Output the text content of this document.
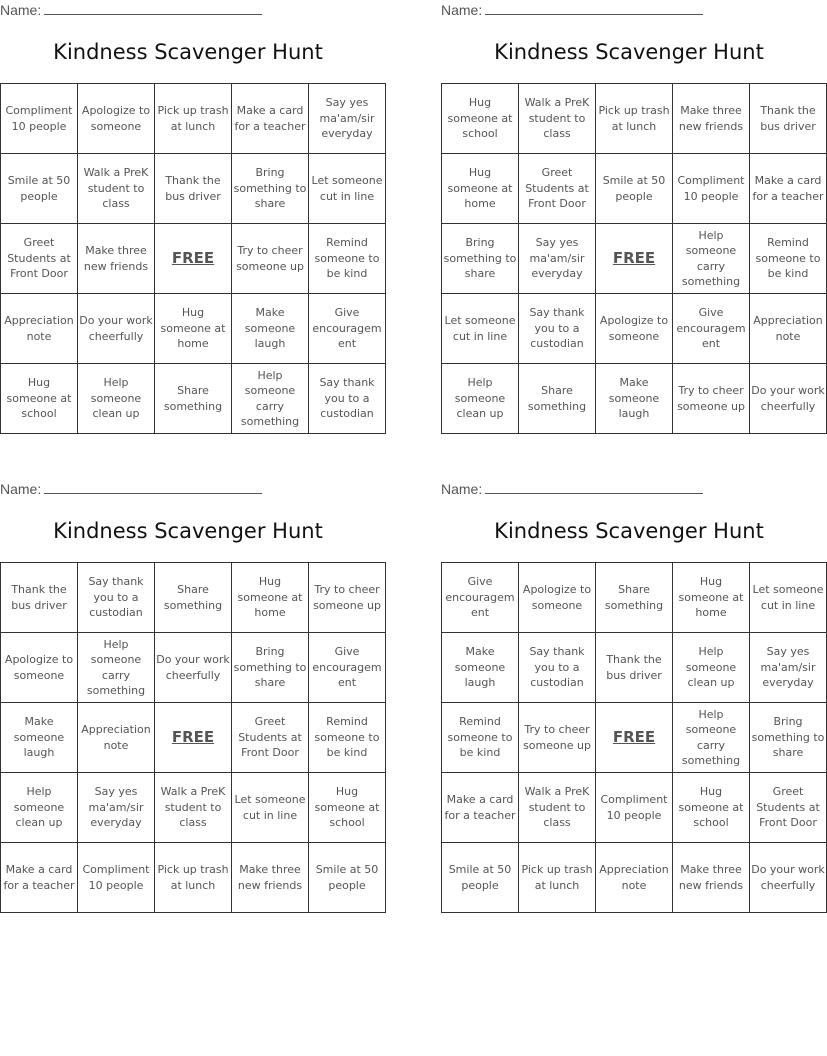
Name:
Kindness Scavenger Hunt
Compliment 10 people	Apologize to someone	Pick up trash at lunch	Make a card for a teacher	Say yes ma'am/sir everyday
Smile at 50 people	Walk a PreK student to class	Thank the bus driver	Bring something to share	Let someone cut in line
Greet Students at Front Door	Make three new friends	FREE	Try to cheer someone up	Remind someone to be kind
Appreciation note	Do your work cheerfully	Hug someone at home	Make someone laugh	Give encouragement
Hug someone at school	Help someone clean up	Share something	Help someone carry something	Say thank you to a custodian
Name:
Kindness Scavenger Hunt
Hug someone at school	Walk a PreK student to class	Pick up trash at lunch	Make three new friends	Thank the bus driver
Hug someone at home	Greet Students at Front Door	Smile at 50 people	Compliment 10 people	Make a card for a teacher
Bring something to share	Say yes ma'am/sir everyday	FREE	Help someone carry something	Remind someone to be kind
Let someone cut in line	Say thank you to a custodian	Apologize to someone	Give encouragement	Appreciation note
Help someone clean up	Share something	Make someone laugh	Try to cheer someone up	Do your work cheerfully
Name:
Kindness Scavenger Hunt
Thank the bus driver	Say thank you to a custodian	Share something	Hug someone at home	Try to cheer someone up
Apologize to someone	Help someone carry something	Do your work cheerfully	Bring something to share	Give encouragement
Make someone laugh	Appreciation note	FREE	Greet Students at Front Door	Remind someone to be kind
Help someone clean up	Say yes ma'am/sir everyday	Walk a PreK student to class	Let someone cut in line	Hug someone at school
Make a card for a teacher	Compliment 10 people	Pick up trash at lunch	Make three new friends	Smile at 50 people
Name:
Kindness Scavenger Hunt
Give encouragement	Apologize to someone	Share something	Hug someone at home	Let someone cut in line
Make someone laugh	Say thank you to a custodian	Thank the bus driver	Help someone clean up	Say yes ma'am/sir everyday
Remind someone to be kind	Try to cheer someone up	FREE	Help someone carry something	Bring something to share
Make a card for a teacher	Walk a PreK student to class	Compliment 10 people	Hug someone at school	Greet Students at Front Door
Smile at 50 people	Pick up trash at lunch	Appreciation note	Make three new friends	Do your work cheerfully
